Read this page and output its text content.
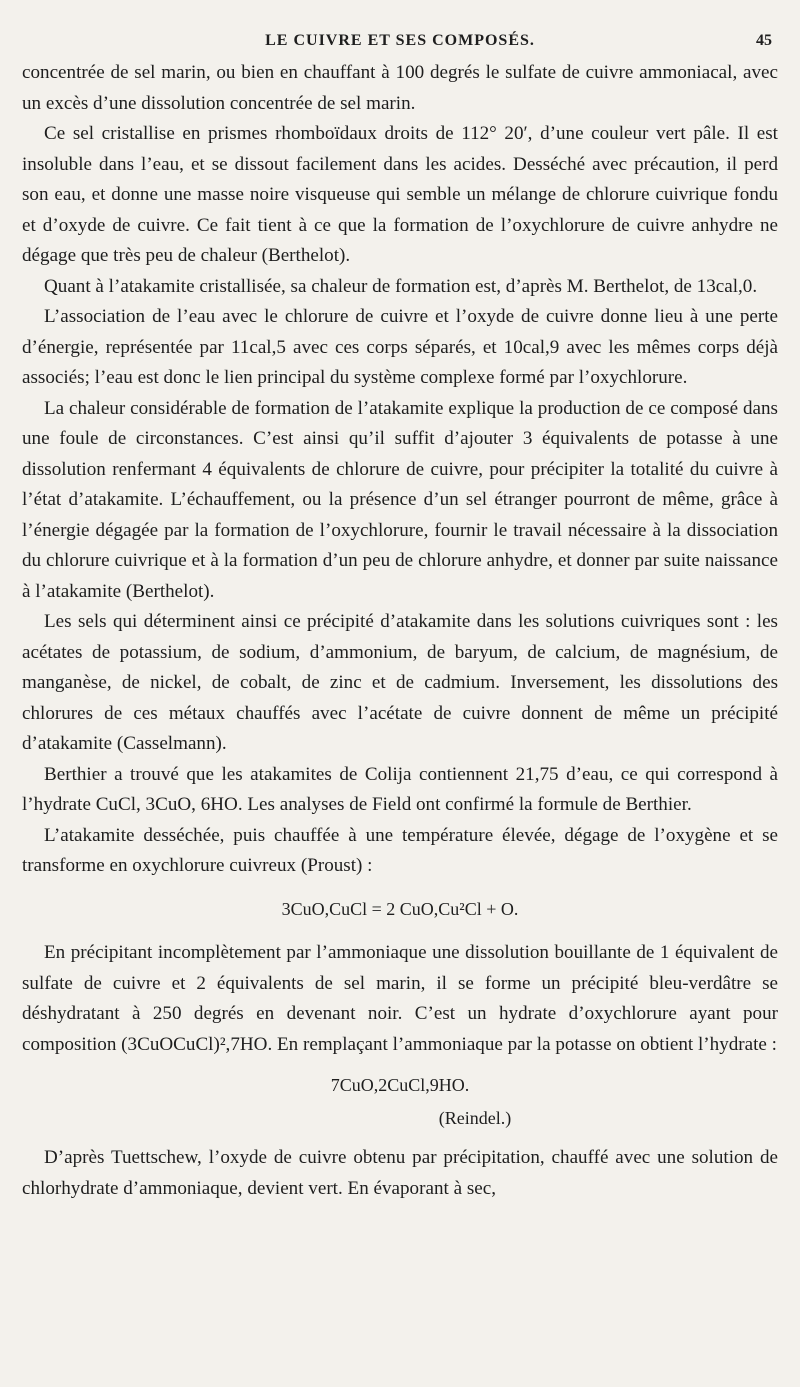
LE CUIVRE ET SES COMPOSÉS.	45

concentrée de sel marin, ou bien en chauffant à 100 degrés le sulfate de cuivre ammoniacal, avec un excès d’une dissolution concentrée de sel marin.

Ce sel cristallise en prismes rhomboïdaux droits de 112° 20′, d’une couleur vert pâle. Il est insoluble dans l’eau, et se dissout facilement dans les acides. Desséché avec précaution, il perd son eau, et donne une masse noire visqueuse qui semble un mélange de chlorure cuivrique fondu et d’oxyde de cuivre. Ce fait tient à ce que la formation de l’oxychlorure de cuivre anhydre ne dégage que très peu de chaleur (Berthelot).

Quant à l’atakamite cristallisée, sa chaleur de formation est, d’après M. Berthelot, de 13cal,0.

L’association de l’eau avec le chlorure de cuivre et l’oxyde de cuivre donne lieu à une perte d’énergie, représentée par 11cal,5 avec ces corps séparés, et 10cal,9 avec les mêmes corps déjà associés; l’eau est donc le lien principal du système complexe formé par l’oxychlorure.

La chaleur considérable de formation de l’atakamite explique la production de ce composé dans une foule de circonstances. C’est ainsi qu’il suffit d’ajouter 3 équivalents de potasse à une dissolution renfermant 4 équivalents de chlorure de cuivre, pour précipiter la totalité du cuivre à l’état d’atakamite. L’échauffement, ou la présence d’un sel étranger pourront de même, grâce à l’énergie dégagée par la formation de l’oxychlorure, fournir le travail nécessaire à la dissociation du chlorure cuivrique et à la formation d’un peu de chlorure anhydre, et donner par suite naissance à l’atakamite (Berthelot).

Les sels qui déterminent ainsi ce précipité d’atakamite dans les solutions cuivriques sont : les acétates de potassium, de sodium, d’ammonium, de baryum, de calcium, de magnésium, de manganèse, de nickel, de cobalt, de zinc et de cadmium. Inversement, les dissolutions des chlorures de ces métaux chauffés avec l’acétate de cuivre donnent de même un précipité d’atakamite (Casselmann).

Berthier a trouvé que les atakamites de Colija contiennent 21,75 d’eau, ce qui correspond à l’hydrate CuCl, 3CuO, 6HO. Les analyses de Field ont confirmé la formule de Berthier.

L’atakamite desséchée, puis chauffée à une température élevée, dégage de l’oxygène et se transforme en oxychlorure cuivreux (Proust) :

3CuO,CuCl = 2 CuO,Cu²Cl + O.

En précipitant incomplètement par l’ammoniaque une dissolution bouillante de 1 équivalent de sulfate de cuivre et 2 équivalents de sel marin, il se forme un précipité bleu-verdâtre se déshydratant à 250 degrés en devenant noir. C’est un hydrate d’oxychlorure ayant pour composition (3CuOCuCl)²,7HO. En remplaçant l’ammoniaque par la potasse on obtient l’hydrate :

7CuO,2CuCl,9HO.
(Reindel.)

D’après Tuettschew, l’oxyde de cuivre obtenu par précipitation, chauffé avec une solution de chlorhydrate d’ammoniaque, devient vert. En évaporant à sec,
